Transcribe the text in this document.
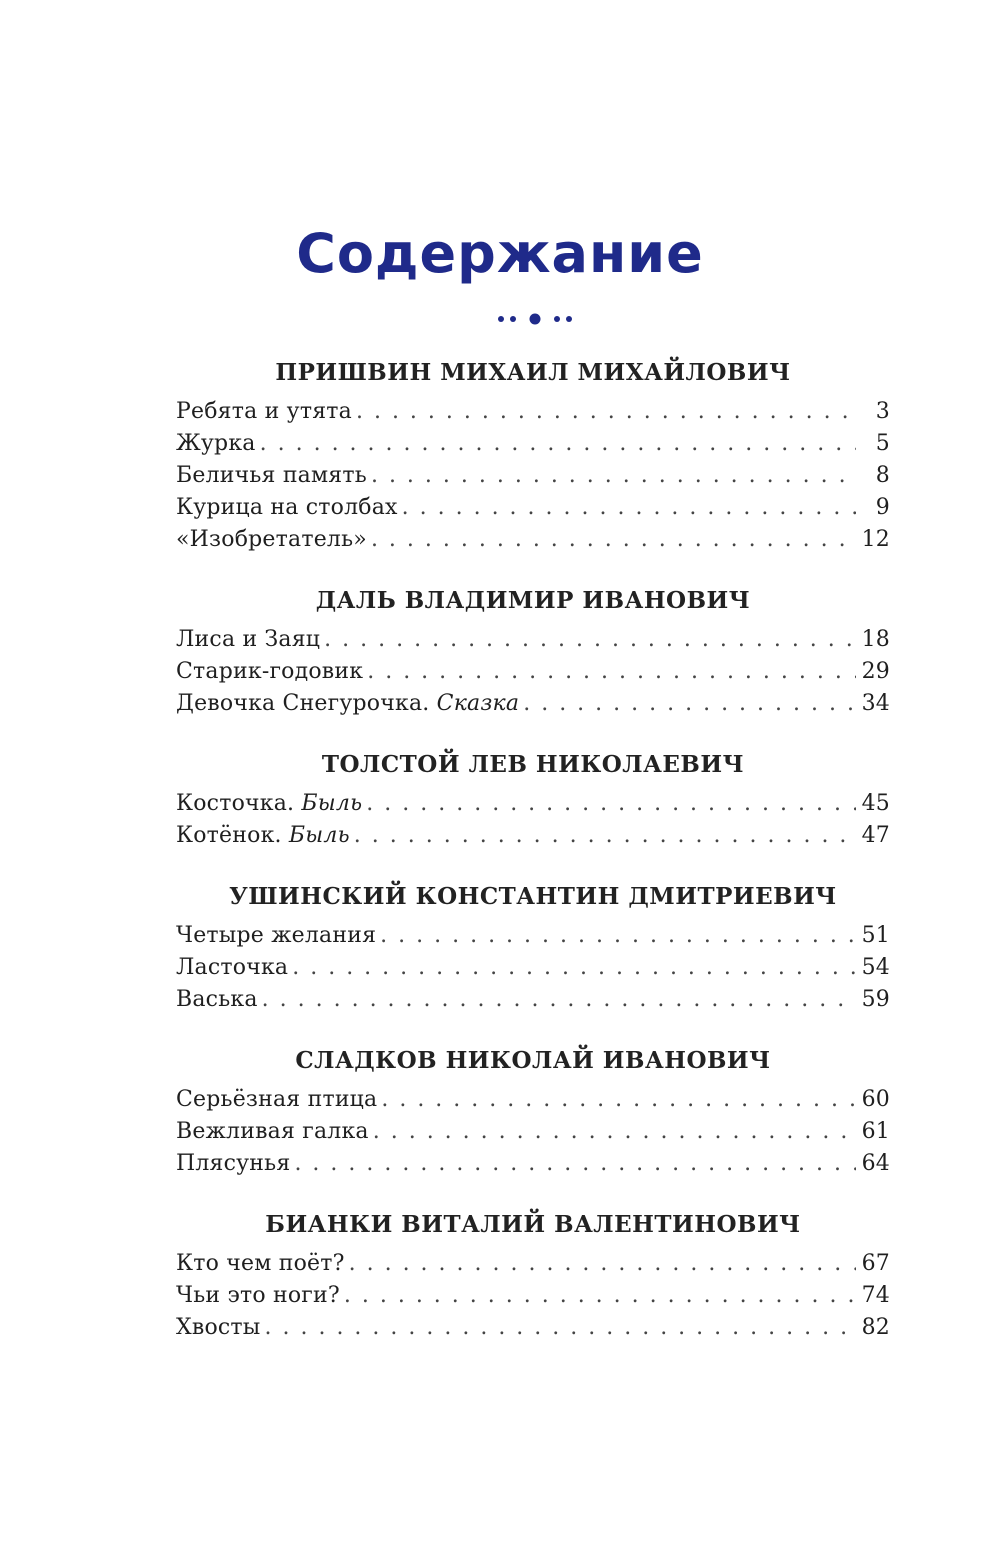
Содержание
ПРИШВИН МИХАИЛ МИХАЙЛОВИЧ
Ребята и утята . . .	3
Журка . . .	5
Беличья память . . .	8
Курица на столбах . . .	9
«Изобретатель» . . .	12
ДАЛЬ ВЛАДИМИР ИВАНОВИЧ
Лиса и Заяц . . .	18
Старик-годовик . . .	29
Девочка Снегурочка. Сказка . . .	34
ТОЛСТОЙ ЛЕВ НИКОЛАЕВИЧ
Косточка. Быль . . .	45
Котёнок. Быль . . .	47
УШИНСКИЙ КОНСТАНТИН ДМИТРИЕВИЧ
Четыре желания . . .	51
Ласточка . . .	54
Васька . . .	59
СЛАДКОВ НИКОЛАЙ ИВАНОВИЧ
Серьёзная птица . . .	60
Вежливая галка . . .	61
Плясунья . . .	64
БИАНКИ ВИТАЛИЙ ВАЛЕНТИНОВИЧ
Кто чем поёт? . . .	67
Чьи это ноги? . . .	74
Хвосты . . .	82
